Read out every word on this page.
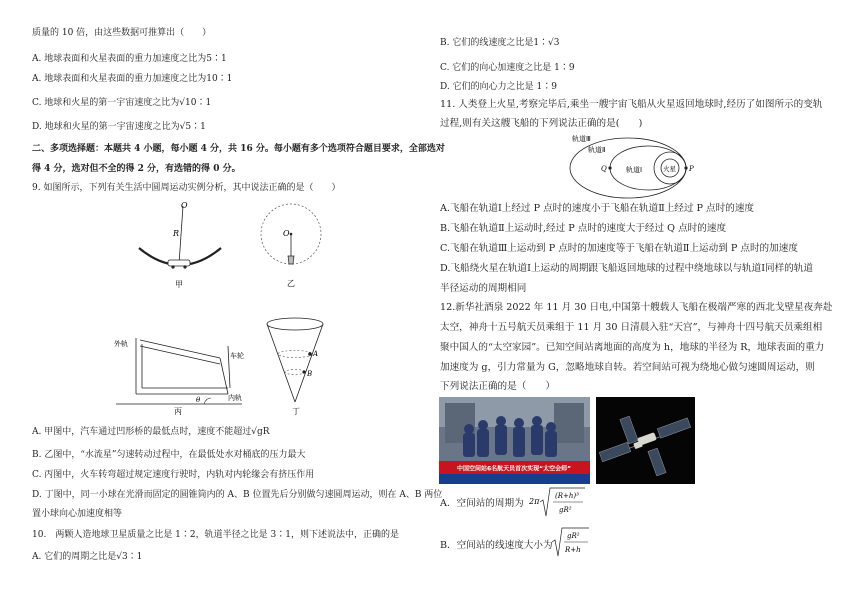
质量的 10 倍，由这些数据可推算出（　　）
A. 地球表面和火星表面的重力加速度之比为5∶1
A. 地球表面和火星表面的重力加速度之比为10∶1
C. 地球和火星的第一宇宙速度之比为√10∶1
D. 地球和火星的第一宇宙速度之比为√5∶1
二、多项选择题：本题共 4 小题，每小题 4 分，共 16 分。每小题有多个选项符合题目要求，全部选对
得 4 分，选对但不全的得 2 分，有选错的得 0 分。
9. 如图所示，下列有关生活中圆周运动实例分析，其中说法正确的是（　　）
O
R
甲
O
乙
外轨
车轮
内轨
θ
丙
A
B
丁
A. 甲图中，汽车通过凹形桥的最低点时，速度不能超过√gR
B. 乙图中，“水流星”匀速转动过程中，在最低处水对桶底的压力最大
C. 丙图中，火车转弯超过规定速度行驶时，内轨对内轮缘会有挤压作用
D. 丁图中，同一小球在光滑而固定的圆锥筒内的 A、B 位置先后分别做匀速圆周运动，则在 A、B 两位
置小球向心加速度相等
10.　两颗人造地球卫星质量之比是 1∶2，轨道半径之比是 3∶1，则下述说法中，正确的是
A. 它们的周期之比是√3∶1
B. 它们的线速度之比是1∶√3
C. 它们的向心加速度之比是 1∶9
D. 它们的向心力之比是 1∶9
11. 人类登上火星,考察完毕后,乘坐一艘宇宙飞船从火星返回地球时,经历了如图所示的变轨
过程,则有关这艘飞船的下列说法正确的是(　　)
轨道Ⅲ
轨道Ⅱ
轨道Ⅰ
Q	P
火星
A.飞船在轨道Ⅰ上经过 P 点时的速度小于飞船在轨道Ⅱ上经过 P 点时的速度
B.飞船在轨道Ⅱ上运动时,经过 P 点时的速度大于经过 Q 点时的速度
C.飞船在轨道Ⅲ上运动到 P 点时的加速度等于飞船在轨道Ⅱ上运动到 P 点时的加速度
D.飞船绕火星在轨道Ⅰ上运动的周期跟飞船返回地球的过程中绕地球以与轨道Ⅰ同样的轨道
半径运动的周期相同
12.新华社酒泉 2022 年 11 月 30 日电,中国第十艘载人飞船在极端严寒的西北戈壁星夜奔赴
太空，神舟十五号航天员乘组于 11 月 30 日清晨入驻“天宫”，与神舟十四号航天员乘组相
聚中国人的“太空家园”。已知空间站离地面的高度为 h，地球的半径为 R，地球表面的重力
加速度为 g，引力常量为 G，忽略地球自转。若空间站可视为绕地心做匀速圆周运动，则
下列说法正确的是（　　）
中国空间站6名航天员首次实现“太空会师”
A．空间站的周期为 2π
(R+h)³
gR²
B．空间站的线速度大小为
gR²
R+h
